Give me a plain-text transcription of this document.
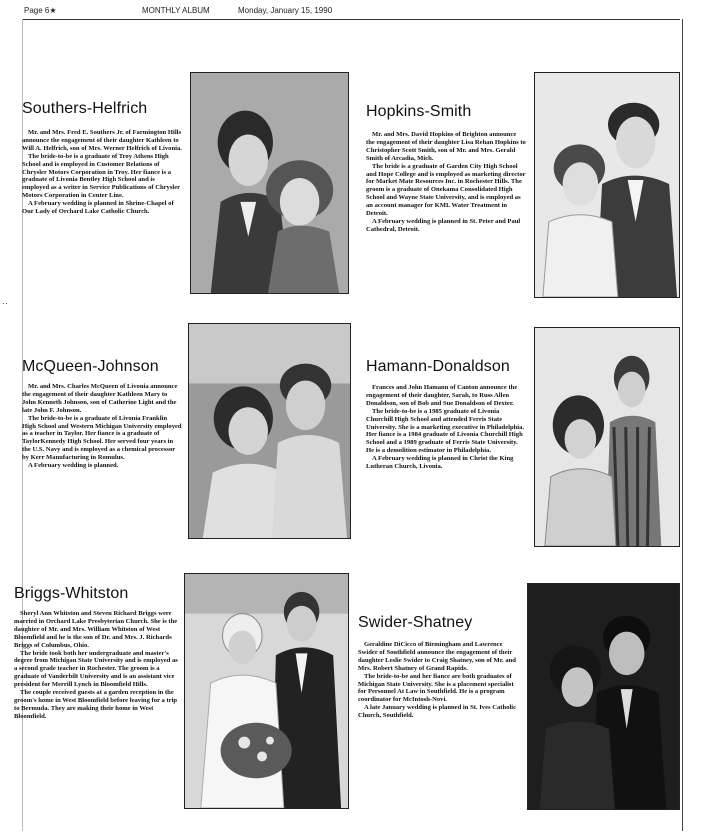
Page 6★	MONTHLY ALBUM	Monday, January 15, 1990
··
Southers-Helfrich

Mr. and Mrs. Fred E. Southers Jr. of Farmington Hills announce the engagement of their daughter Kathleen to Will A. Helfrich, son of Mrs. Werner Helfrich of Livonia.

The bride-to-be is a graduate of Troy Athens High School and is employed in Customer Relations of Chrysler Motors Corporation in Troy. Her fiance is a graduate of Livonia Bentley High School and is employed as a writer in Service Publications of Chrysler Motors Corporation in Center Line.

A February wedding is planned in Shrine-Chapel of Our Lady of Orchard Lake Catholic Church.

Hopkins-Smith

Mr. and Mrs. David Hopkins of Brighton announce the engagement of their daughter Lisa Rehan Hopkins to Christopher Scott Smith, son of Mr. and Mrs. Gerald Smith of Arcadia, Mich.

The bride is a graduate of Garden City High School and Hope College and is employed as marketing director for Market Mate Resources Inc. in Rochester Hills. The groom is a graduate of Onekama Consolidated High School and Wayne State University, and is employed as an account manager for KML Water Treatment in Detroit.

A February wedding is planned in St. Peter and Paul Cathedral, Detroit.

McQueen-Johnson

Mr. and Mrs. Charles McQueen of Livonia announce the engagement of their daughter Kathleen Mary to John Kenneth Johnson, son of Catherine Light and the late John F. Johnson.

The bride-to-be is a graduate of Livonia Franklin High School and Western Michigan University employed as a teacher in Taylor. Her fiance is a graduate of TaylorKennedy High School. Her served four years in the U.S. Navy and is employed as a chemical processor by Kerr Manufacturing in Romulus.

A February wedding is planned.

Hamann-Donaldson

Frances and John Hamann of Canton announce the engagement of their daughter, Sarah, to Russ Allen Donaldson, son of Bob and Sue Donaldson of Dexter.

The bride-to-be is a 1985 graduate of Livonia Churchill High School and attended Ferris State University. She is a marketing executive in Philadelphia. Her fiance is a 1984 graduate of Livonia Churchill High School and a 1989 graduate of Ferris State University. He is a demolition estimator in Philadelphia.

A February wedding is planned in Christ the King Lutheran Church, Livonia.

Briggs-Whitston

Sheryl Ann Whitston and Steven Richard Briggs were married in Orchard Lake Presbyterian Church. She is the daughter of Mr. and Mrs. William Whitston of West Bloomfield and he is the son of Dr. and Mrs. J. Richards Briggs of Columbus, Ohio.

The bride took both her undergraduate and master's degree from Michigan State University and is employed as a second grade teacher in Rochester. The groom is a graduate of Vanderbilt University and is an assistant vice president for Merrill Lynch in Bloomfield Hills.

The couple received guests at a garden reception in the groom's home in West Bloomfield before leaving for a trip to Bermuda. They are making their home in West Bloomfield.

Swider-Shatney

Geraldine DiCicco of Birmingham and Lawrence Swider of Southfield announce the engagement of their daughter Leslie Swider to Craig Shatney, son of Mr. and Mrs. Robert Shatney of Grand Rapids.

The bride-to-be and her fiance are both graduates of Michigan State University. She is a placement specialist for Personnel At Law in Southfield. He is a program coordinator for McIntosh-Novi.

A late January wedding is planned in St. Ives Catholic Church, Southfield.
